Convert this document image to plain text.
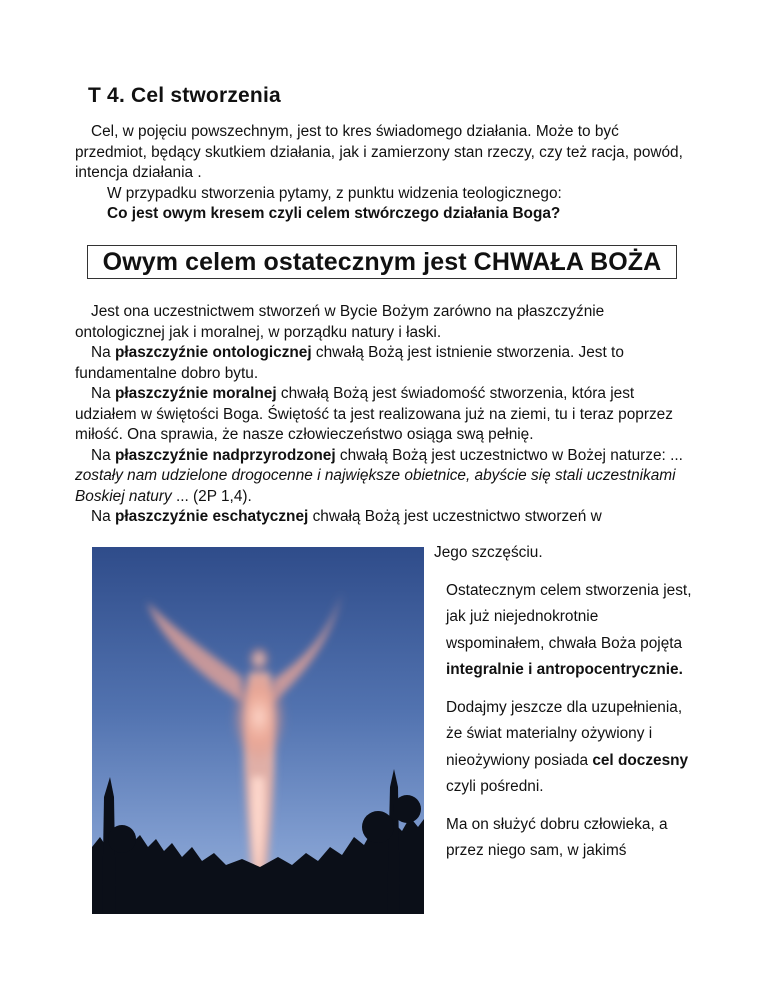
T 4. Cel stworzenia
Cel, w pojęciu powszechnym, jest to kres świadomego działania. Może to być przedmiot, będący skutkiem działania, jak i zamierzony stan rzeczy, czy też racja, powód, intencja działania .
W przypadku stworzenia pytamy, z punktu widzenia teologicznego:
Co jest owym kresem czyli celem stwórczego działania Boga?
Owym celem ostatecznym jest CHWAŁA BOŻA
Jest ona uczestnictwem stworzeń w Bycie Bożym zarówno na płaszczyźnie ontologicznej jak i moralnej, w porządku natury i łaski.
Na płaszczyźnie ontologicznej chwałą Bożą jest istnienie stworzenia. Jest to fundamentalne dobro bytu.
Na płaszczyźnie moralnej chwałą Bożą jest świadomość stworzenia, która jest udziałem w świętości Boga. Świętość ta jest realizowana już na ziemi, tu i teraz poprzez miłość. Ona sprawia, że nasze człowieczeństwo osiąga swą pełnię.
Na płaszczyźnie nadprzyrodzonej chwałą Bożą jest uczestnictwo w Bożej naturze: ... zostały nam udzielone drogocenne i największe obietnice, abyście się stali uczestnikami Boskiej natury ... (2P 1,4).
Na płaszczyźnie eschatycznej chwałą Bożą jest uczestnictwo stworzeń w
Jego szczęściu.
Ostatecznym celem stworzenia jest, jak już niejednokrotnie wspominałem, chwała Boża pojęta integralnie i antropocentrycznie.
Dodajmy jeszcze dla uzupełnienia, że świat materialny ożywiony i nieożywiony posiada cel doczesny czyli pośredni.
Ma on służyć dobru człowieka, a przez niego sam, w jakimś
